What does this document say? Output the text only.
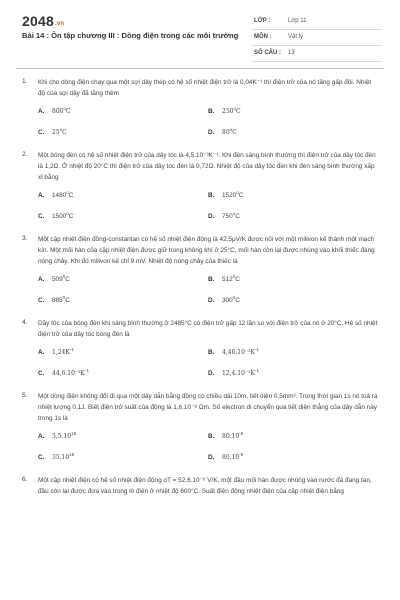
2048.vn
Bài 14 : Ôn tập chương III : Dòng điện trong các môi trường
LỚP :	Lớp 11
MÔN :	Vật lý
SỐ CÂU : 13
1. Khi cho dòng điện chạy qua một sợi dây thép có hệ số nhiệt điện trở là 0,04K⁻¹ thì điện trở của nó tăng gấp đôi. Nhiệt độ của sợi dây đã tăng thêm
A. 800$^o$C	B. 250$^o$C
C. 25$^o$C	D. 80$^o$C
2. Một bóng đèn có hệ số nhiệt điện trở của dây tóc là 4,5.10⁻³K⁻¹. Khi đèn sáng bình thường thì điện trở của dây tóc đèn là 1,2Ω. Ở nhiệt độ 20°C thì điện trở của dây tóc đèn là 0,72Ω. Nhiệt độ của dây tóc đèn khi đèn sáng bình thường xấp xỉ bằng
A. 1480$^o$C	B. 1520$^o$C
C. 1500$^o$C	D. 750$^o$C
3. Một cặp nhiệt điện đồng-constantan có hệ số nhiệt điện động là 42,5μV/K được nối với một milivon kế thành một mạch kín. Một mối hàn của cặp nhiệt điện được giữ trong không khí ở 25°C, mối hàn còn lại được nhúng vào khối thiếc đang nóng chảy. Khi đó milivon kế chỉ 9 mV. Nhiệt độ nóng chảy của thiếc là
A. $509^0C$	B. $512^0C$
C. $885^0C$	D. $300^0C$
4. Dây tóc của bóng đèn khi sáng bình thường ở 2485°C có điện trở gấp 12 lần so với điện trở của nó ở 20°C. Hệ số nhiệt điện trở của dây tóc bóng đèn là
A. $1,24K^{-1}$	B. $4,46.10^{-3}K^{-1}$
C. $44,6.10^{-3}K^{-1}$	D. $12,4.10^{-3}K^{-1}$
5. Một dòng điện không đổi đi qua một dây dẫn bằng đồng có chiều dài 10m, tiết diện 0,5mm². Trong thời gian 1s nó toả ra nhiệt lượng 0,1J. Biết điện trở suất của đồng là 1,6.10⁻⁸ Ωm. Số electron di chuyển qua tiết diện thẳng của dây dẫn này trong 1s là
A. 3,5.10$^{18}$	B. $80.10^{-8}$
C. 35.10$^{18}$	D. $80.10^{-8}$
6. Một cặp nhiệt điện có hệ số nhiệt điện động αT = 52,6.10⁻⁶ V/K, một đầu mối hàn được nhúng vào nước đá đang tan, đầu còn lại được đưa vào trong lò điện ở nhiệt độ 600°C. Suất điện động nhiệt điện của cặp nhiệt điện bằng
